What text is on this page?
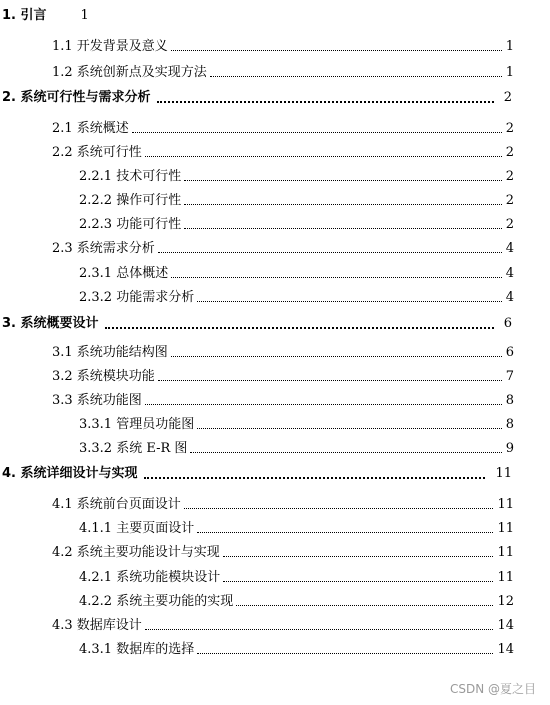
1. 引言	1
1.1 开发背景及意义	1
1.2 系统创新点及实现方法	1
2. 系统可行性与需求分析	2
2.1 系统概述	2
2.2 系统可行性	2
2.2.1 技术可行性	2
2.2.2 操作可行性	2
2.2.3 功能可行性	2
2.3 系统需求分析	4
2.3.1 总体概述	4
2.3.2 功能需求分析	4
3. 系统概要设计	6
3.1 系统功能结构图	6
3.2 系统模块功能	7
3.3 系统功能图	8
3.3.1 管理员功能图	8
3.3.2 系统 E-R 图	9
4. 系统详细设计与实现	11
4.1 系统前台页面设计	11
4.1.1 主要页面设计	11
4.2 系统主要功能设计与实现	11
4.2.1 系统功能模块设计	11
4.2.2 系统主要功能的实现	12
4.3 数据库设计	14
4.3.1 数据库的选择	14
CSDN @夏之目
